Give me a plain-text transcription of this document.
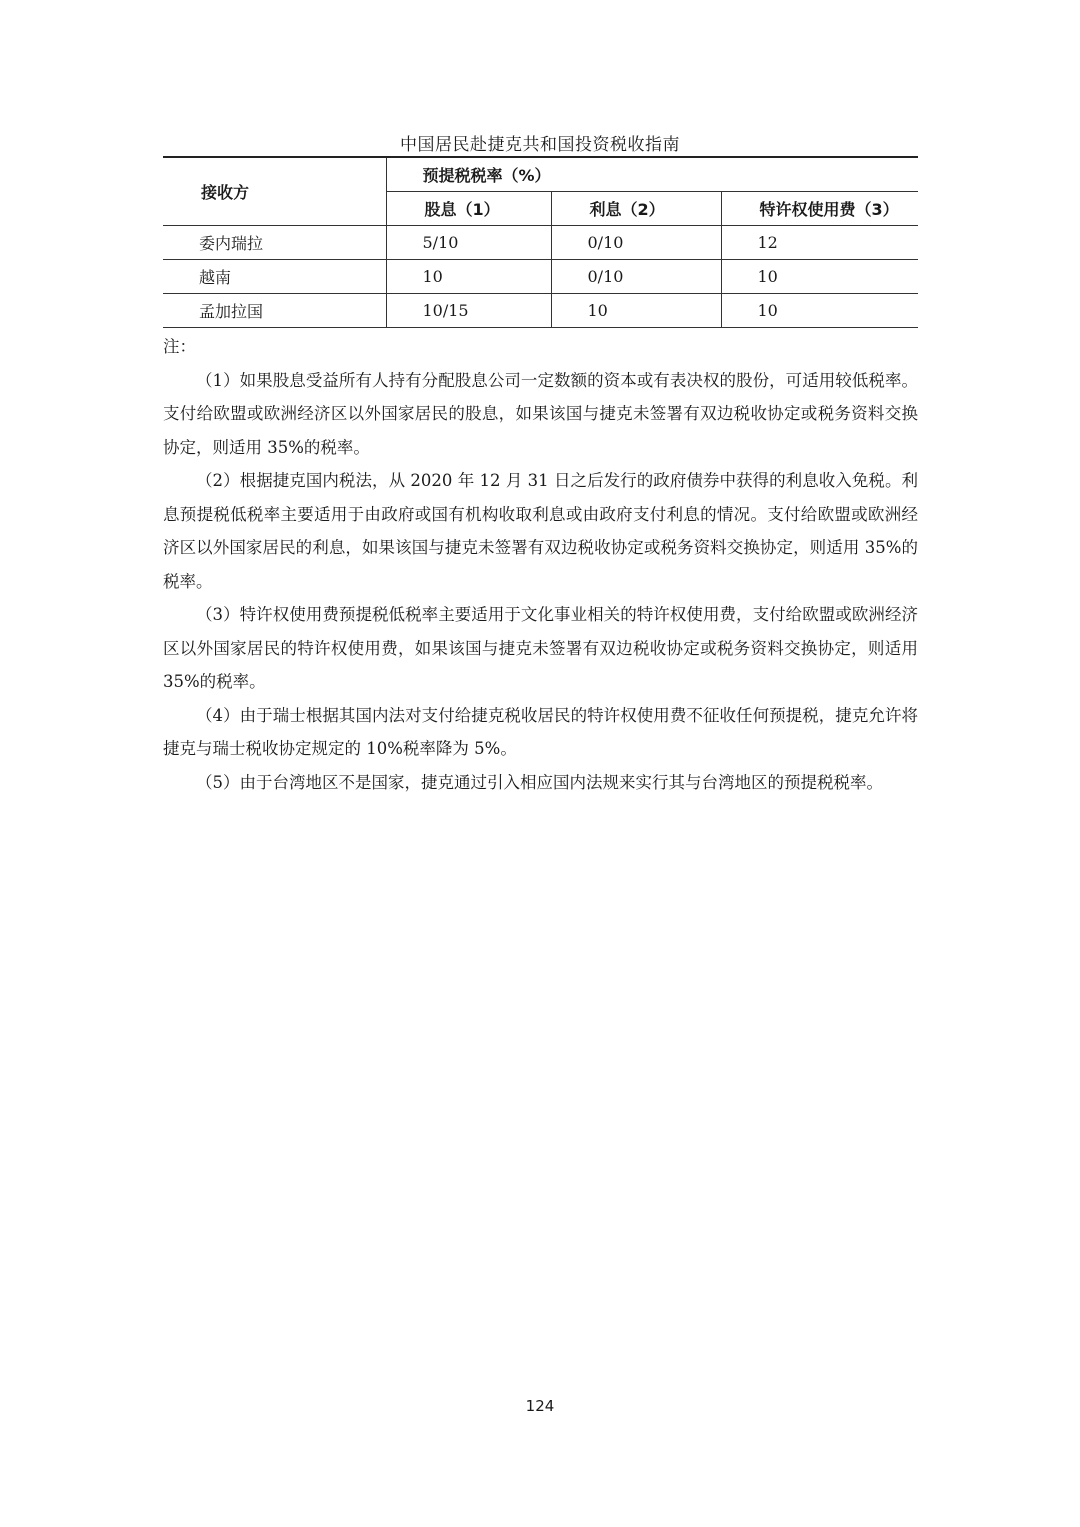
中国居民赴捷克共和国投资税收指南
接收方	预提税税率（%）		
	股息（1）	利息（2）	特许权使用费（3）
委内瑞拉	5/10	0/10	12
越南	10	0/10	10
孟加拉国	10/15	10	10

注：

（1）如果股息受益所有人持有分配股息公司一定数额的资本或有表决权的股份，可适用较低税率。支付给欧盟或欧洲经济区以外国家居民的股息，如果该国与捷克未签署有双边税收协定或税务资料交换协定，则适用 35%的税率。

（2）根据捷克国内税法，从 2020 年 12 月 31 日之后发行的政府债券中获得的利息收入免税。利息预提税低税率主要适用于由政府或国有机构收取利息或由政府支付利息的情况。支付给欧盟或欧洲经济区以外国家居民的利息，如果该国与捷克未签署有双边税收协定或税务资料交换协定，则适用 35%的税率。

（3）特许权使用费预提税低税率主要适用于文化事业相关的特许权使用费，支付给欧盟或欧洲经济区以外国家居民的特许权使用费，如果该国与捷克未签署有双边税收协定或税务资料交换协定，则适用 35%的税率。

（4）由于瑞士根据其国内法对支付给捷克税收居民的特许权使用费不征收任何预提税，捷克允许将捷克与瑞士税收协定规定的 10%税率降为 5%。

（5）由于台湾地区不是国家，捷克通过引入相应国内法规来实行其与台湾地区的预提税税率。

124
